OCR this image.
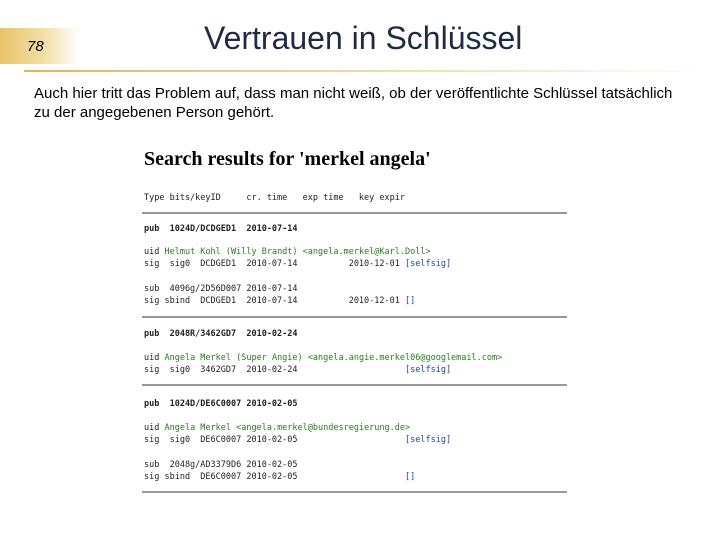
78	Vertrauen in Schlüssel
Auch hier tritt das Problem auf, dass man nicht weiß, ob der veröffentlichte Schlüssel tatsächlich zu der angegebenen Person gehört.
Search results for 'merkel angela'
Type bits/keyID     cr. time   exp time   key expir
pub  1024D/DCDGED1  2010-07-14
uid Helmut Kohl (Willy Brandt) <angela.merkel@Karl.Doll>
sig  sig0  DCDGED1  2010-07-14          2010-12-01 [selfsig]
sub  4096g/2D56D007 2010-07-14
sig sbind  DCDGED1  2010-07-14          2010-12-01 []
pub  2048R/3462GD7  2010-02-24
uid Angela Merkel (Super Angie) <angela.angie.merkel06@googlemail.com>
sig  sig0  3462GD7  2010-02-24                     [selfsig]
pub  1024D/DE6C0007 2010-02-05
uid Angela Merkel <angela.merkel@bundesregierung.de>
sig  sig0  DE6C0007 2010-02-05                     [selfsig]
sub  2048g/AD3379D6 2010-02-05
sig sbind  DE6C0007 2010-02-05                     []
